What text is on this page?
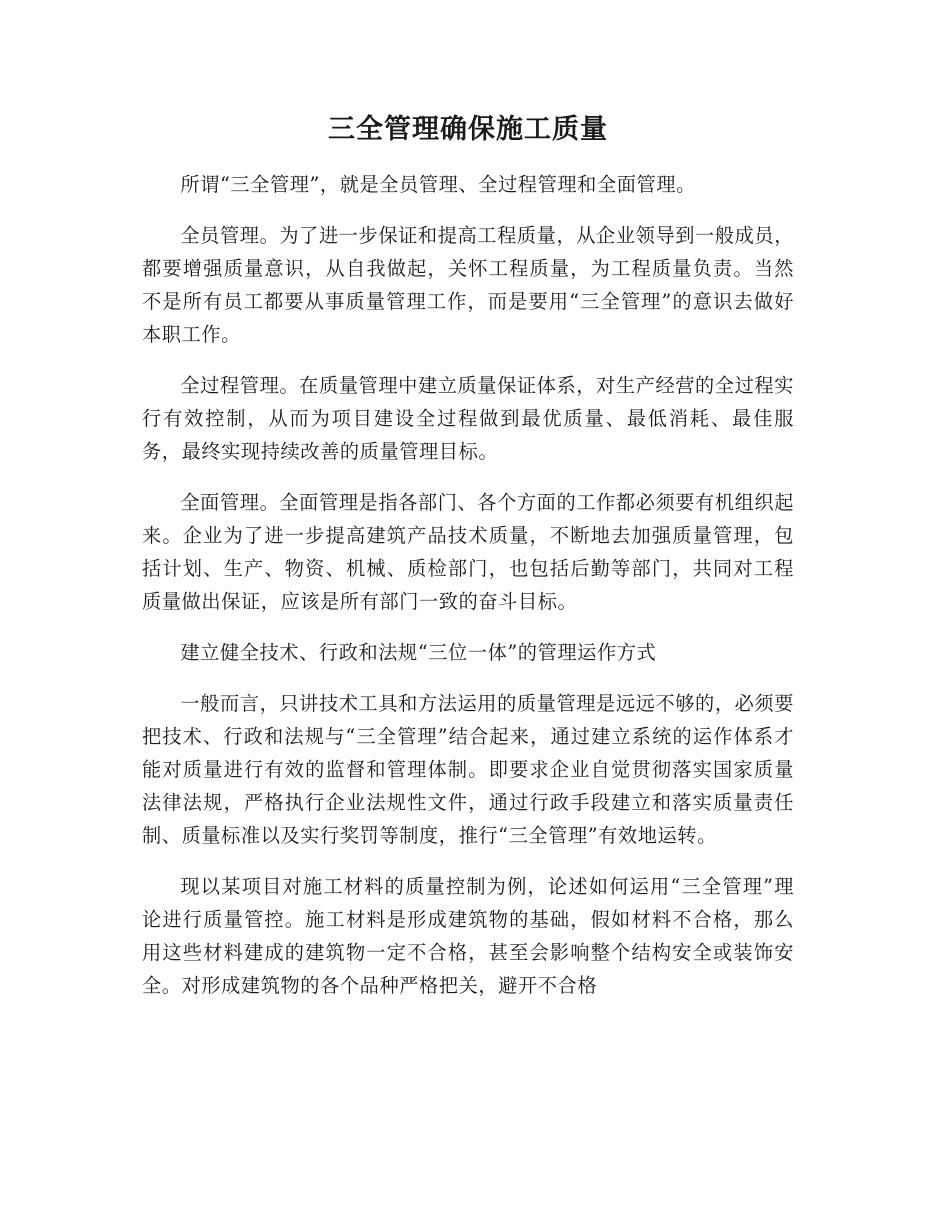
三全管理确保施工质量

所谓“三全管理”，就是全员管理、全过程管理和全面管理。

全员管理。为了进一步保证和提高工程质量，从企业领导到一般成员，都要增强质量意识，从自我做起，关怀工程质量，为工程质量负责。当然不是所有员工都要从事质量管理工作，而是要用“三全管理”的意识去做好本职工作。

全过程管理。在质量管理中建立质量保证体系，对生产经营的全过程实行有效控制，从而为项目建设全过程做到最优质量、最低消耗、最佳服务，最终实现持续改善的质量管理目标。

全面管理。全面管理是指各部门、各个方面的工作都必须要有机组织起来。企业为了进一步提高建筑产品技术质量，不断地去加强质量管理，包括计划、生产、物资、机械、质检部门，也包括后勤等部门，共同对工程质量做出保证，应该是所有部门一致的奋斗目标。

建立健全技术、行政和法规“三位一体”的管理运作方式

一般而言，只讲技术工具和方法运用的质量管理是远远不够的，必须要把技术、行政和法规与“三全管理”结合起来，通过建立系统的运作体系才能对质量进行有效的监督和管理体制。即要求企业自觉贯彻落实国家质量法律法规，严格执行企业法规性文件，通过行政手段建立和落实质量责任制、质量标准以及实行奖罚等制度，推行“三全管理”有效地运转。

现以某项目对施工材料的质量控制为例，论述如何运用“三全管理”理论进行质量管控。施工材料是形成建筑物的基础，假如材料不合格，那么用这些材料建成的建筑物一定不合格，甚至会影响整个结构安全或装饰安全。对形成建筑物的各个品种严格把关，避开不合格
